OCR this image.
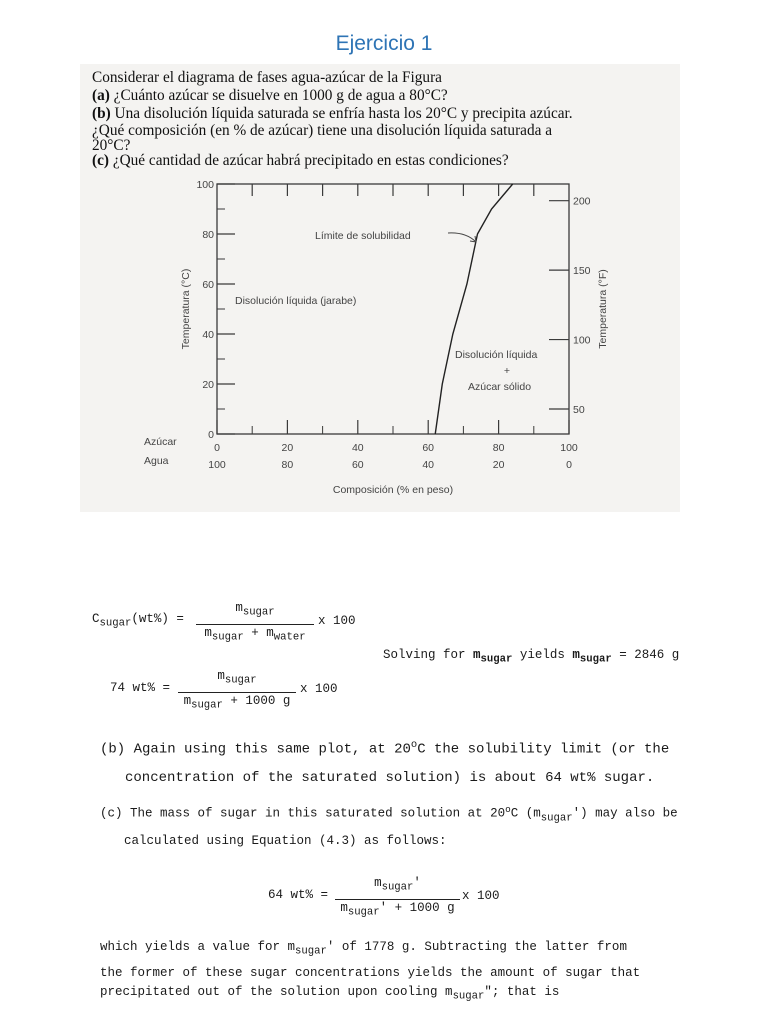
Ejercicio 1
Considerar el diagrama de fases agua-azúcar de la Figura
(a) ¿Cuánto azúcar se disuelve en 1000 g de agua a 80°C?
(b) Una disolución líquida saturada se enfría hasta los 20°C y precipita azúcar.
¿Qué composición (en % de azúcar) tiene una disolución líquida saturada a
20°C?
(c) ¿Qué cantidad de azúcar habrá precipitado en estas condiciones?
0
20
40
60
80
100
50
100
150
200
0
100
20
80
40
60
60
40
80
20
100
0
Azúcar
Agua
Composición (% en peso)
Temperatura (°C)	Temperatura (°F)
Límite de solubilidad
Disolución líquida (jarabe)
Disolución líquida
+
Azúcar sólido
$C_{sugar}(wt\%)$ =
$m_{sugar}$
$m_{sugar} + m_{water}$
x 100
Solving for $m_{sugar}$ yields $m_{sugar} = 2846$ g
74 wt% =
$m_{sugar}$
$m_{sugar} + 1000$ g
x 100
(b) Again using this same plot, at 20$^o$C the solubility limit (or the
concentration of the saturated solution) is about 64 wt% sugar.
(c) The mass of sugar in this saturated solution at 20$^o$C $(m_{sugar}')$ may also be
calculated using Equation (4.3) as follows:
64 wt% =
$m_{sugar}'$
$m_{sugar}' + 1000$ g
x 100
which yields a value for $m_{sugar}'$ of 1778 g. Subtracting the latter from
the former of these sugar concentrations yields the amount of sugar that
precipitated out of the solution upon cooling $m_{sugar}$"; that is
